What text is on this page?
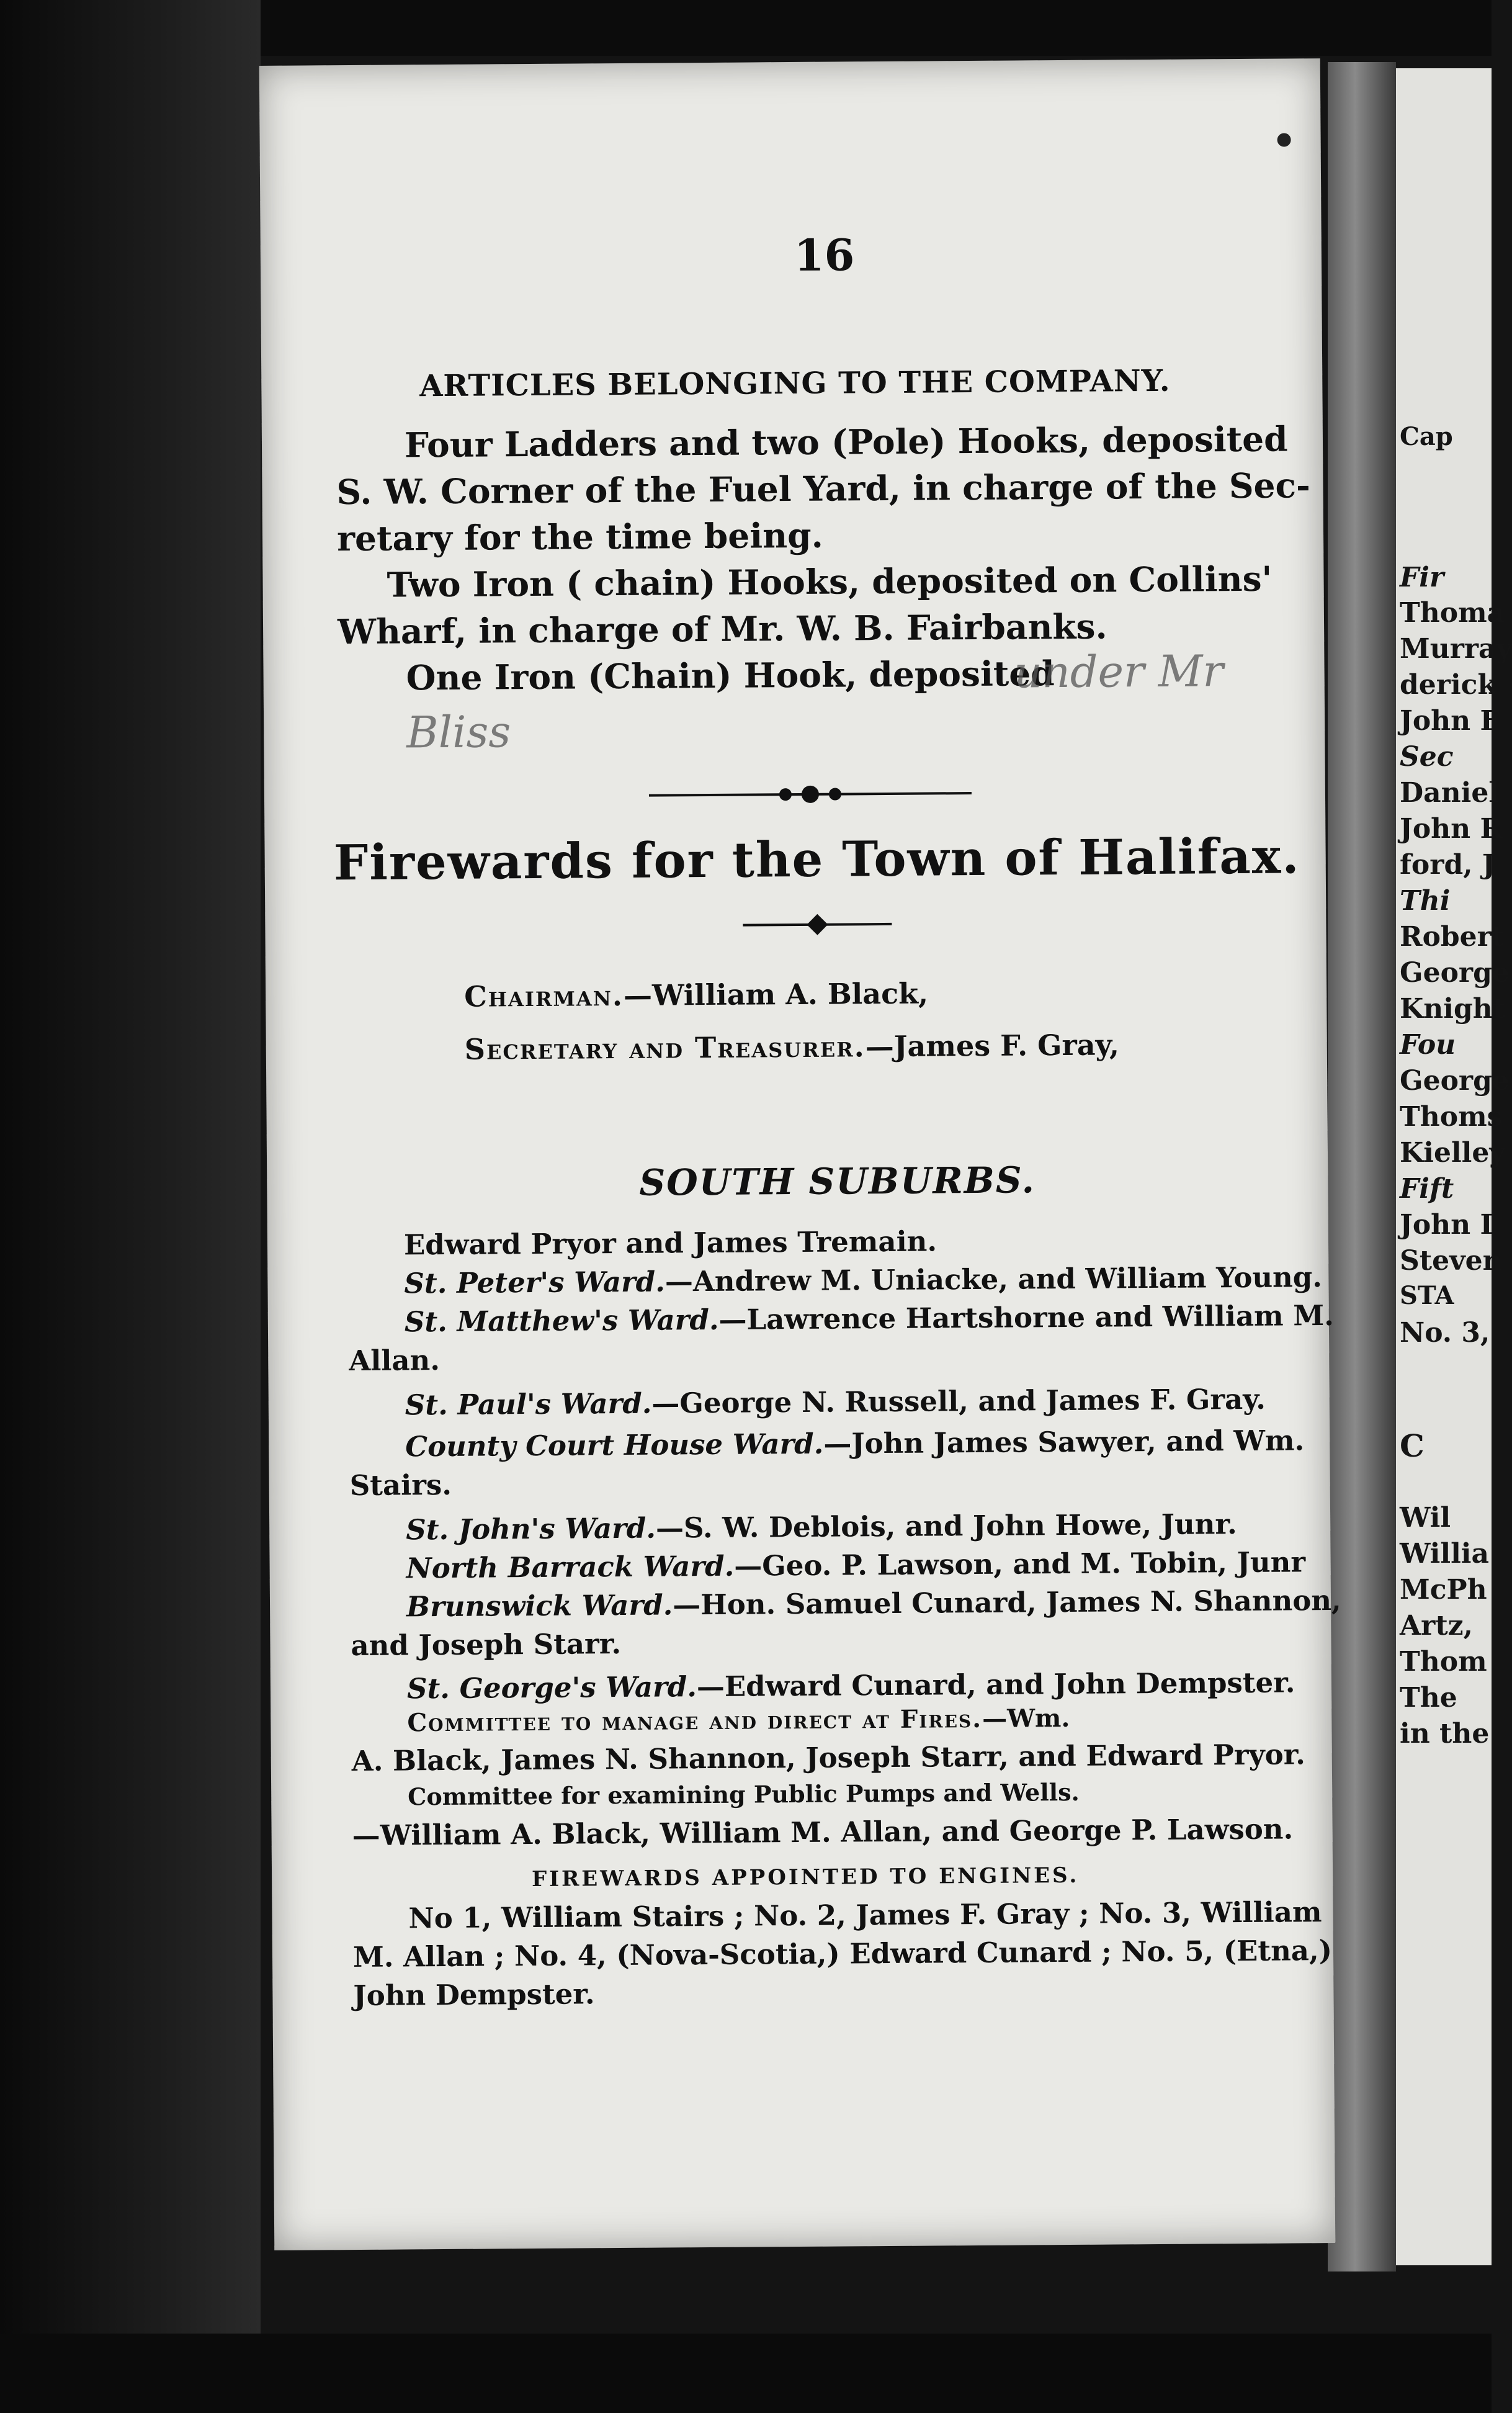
Cap
Fir
Thoma
Murray
derick
John F
Sec
Daniel
John R
ford, J
Thi
Robert
George
Knight
Fou
George
Thoms
Kielley
Fift
John I
Steven
STA
No. 3,
C
Wil
Willia
McPh
Artz,
Thom
The
in the
16
ARTICLES BELONGING TO THE COMPANY.
Four Ladders and two (Pole) Hooks, deposited
S. W. Corner of the Fuel Yard, in charge of the Sec-
retary for the time being.
Two Iron ( chain) Hooks, deposited on Collins'
Wharf, in charge of Mr. W. B. Fairbanks.
One Iron (Chain) Hook, deposited
under Mr
Bliss
Firewards for the Town of Halifax.
Chairman.—William A. Black,
Secretary and Treasurer.—James F. Gray,
SOUTH SUBURBS.
Edward Pryor and James Tremain.
St. Peter's Ward.—Andrew M. Uniacke, and William Young.
St. Matthew's Ward.—Lawrence Hartshorne and William M.
Allan.
St. Paul's Ward.—George N. Russell, and James F. Gray.
County Court House Ward.—John James Sawyer, and Wm.
Stairs.
St. John's Ward.—S. W. Deblois, and John Howe, Junr.
North Barrack Ward.—Geo. P. Lawson, and M. Tobin, Junr
Brunswick Ward.—Hon. Samuel Cunard, James N. Shannon,
and Joseph Starr.
St. George's Ward.—Edward Cunard, and John Dempster.
Committee to manage and direct at Fires.—Wm.
A. Black, James N. Shannon, Joseph Starr, and Edward Pryor.
Committee for examining Public Pumps and Wells.
—William A. Black, William M. Allan, and George P. Lawson.
FIREWARDS APPOINTED TO ENGINES.
No 1, William Stairs ; No. 2, James F. Gray ; No. 3, William
M. Allan ; No. 4, (Nova-Scotia,) Edward Cunard ; No. 5, (Etna,)
John Dempster.
